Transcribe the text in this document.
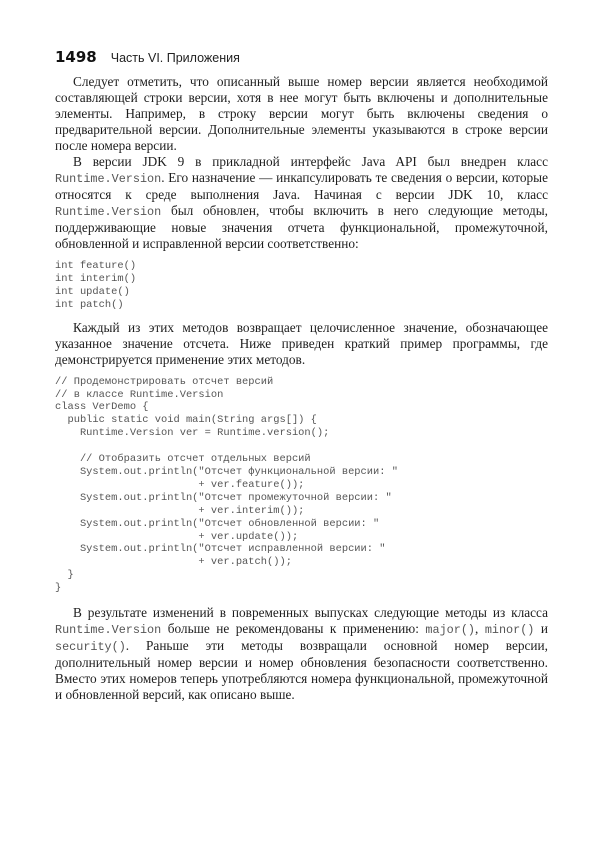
1498 Часть VI. Приложения

Следует отметить, что описанный выше номер версии является необходимой составляющей строки версии, хотя в нее могут быть включены и дополнительные элементы. Например, в строку версии могут быть включены сведения о предварительной версии. Дополнительные элементы указываются в строке версии после номера версии.

В версии JDK 9 в прикладной интерфейс Java API был внедрен класс Runtime.Version. Его назначение — инкапсулировать те сведения о версии, которые относятся к среде выполнения Java. Начиная с версии JDK 10, класс Runtime.Version был обновлен, чтобы включить в него следующие методы, поддерживающие новые значения отчета функциональной, промежуточной, обновленной и исправленной версии соответственно:

int feature()
int interim()
int update()
int patch()

Каждый из этих методов возвращает целочисленное значение, обозначающее указанное значение отсчета. Ниже приведен краткий пример программы, где демонстрируется применение этих методов.

// Продемонстрировать отсчет версий
// в классе Runtime.Version
class VerDemo {
public static void main(String args[]) {
Runtime.Version ver = Runtime.version();

// Отобразить отсчет отдельных версий
System.out.println("Отсчет функциональной версии: "
+ ver.feature());
System.out.println("Отсчет промежуточной версии: "
+ ver.interim());
System.out.println("Отсчет обновленной версии: "
+ ver.update());
System.out.println("Отсчет исправленной версии: "
+ ver.patch());
}
}

В результате изменений в повременных выпусках следующие методы из класса Runtime.Version больше не рекомендованы к применению: major(), minor() и security(). Раньше эти методы возвращали основной номер версии, дополнительный номер версии и номер обновления безопасности соответственно. Вместо этих номеров теперь употребляются номера функциональной, промежуточной и обновленной версий, как описано выше.
